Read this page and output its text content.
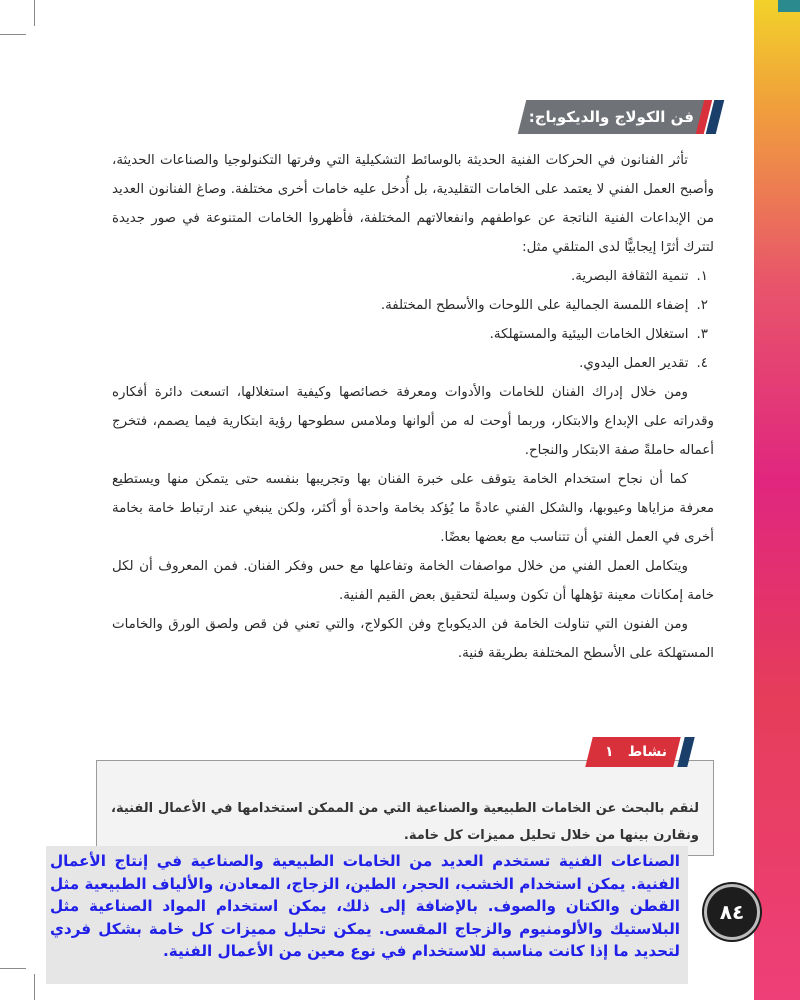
فن الكولاج والديكوباج:

تأثر الفنانون في الحركات الفنية الحديثة بالوسائط التشكيلية التي وفرتها التكنولوجيا والصناعات الحديثة، وأصبح العمل الفني لا يعتمد على الخامات التقليدية، بل أُدخل عليه خامات أخرى مختلفة. وصاغ الفنانون العديد من الإبداعات الفنية الناتجة عن عواطفهم وانفعالاتهم المختلفة، فأظهروا الخامات المتنوعة في صور جديدة لتترك أثرًا إيجابيًّا لدى المتلقي مثل:

١.تنمية الثقافة البصرية.

٢.إضفاء اللمسة الجمالية على اللوحات والأسطح المختلفة.

٣.استغلال الخامات البيئية والمستهلكة.

٤.تقدير العمل اليدوي.

ومن خلال إدراك الفنان للخامات والأدوات ومعرفة خصائصها وكيفية استغلالها، اتسعت دائرة أفكاره وقدراته على الإبداع والابتكار، وربما أوحت له من ألوانها وملامس سطوحها رؤية ابتكارية فيما يصمم، فتخرج أعماله حاملةً صفة الابتكار والنجاح.

كما أن نجاح استخدام الخامة يتوقف على خبرة الفنان بها وتجريبها بنفسه حتى يتمكن منها ويستطيع معرفة مزاياها وعيوبها، والشكل الفني عادةً ما يُؤكد بخامة واحدة أو أكثر، ولكن ينبغي عند ارتباط خامة بخامة أخرى في العمل الفني أن تتناسب مع بعضها بعضًا.

ويتكامل العمل الفني من خلال مواصفات الخامة وتفاعلها مع حس وفكر الفنان. فمن المعروف أن لكل خامة إمكانات معينة تؤهلها أن تكون وسيلة لتحقيق بعض القيم الفنية.

ومن الفنون التي تناولت الخامة فن الديكوباج وفن الكولاج، والتي تعني فن قص ولصق الورق والخامات المستهلكة على الأسطح المختلفة بطريقة فنية.

لنقم بالبحث عن الخامات الطبيعية والصناعية التي من الممكن استخدامها في الأعمال الفنية، ونقارن بينها من خلال تحليل مميزات كل خامة.
نشاط
١
الصناعات الفنية تستخدم العديد من الخامات الطبيعية والصناعية في إنتاج الأعمال الفنية. يمكن استخدام الخشب، الحجر، الطين، الزجاج، المعادن، والألياف الطبيعية مثل القطن والكتان والصوف. بالإضافة إلى ذلك، يمكن استخدام المواد الصناعية مثل البلاستيك والألومنيوم والزجاج المقسى. يمكن تحليل مميزات كل خامة بشكل فردي لتحديد ما إذا كانت مناسبة للاستخدام في نوع معين من الأعمال الفنية.
٨٤
